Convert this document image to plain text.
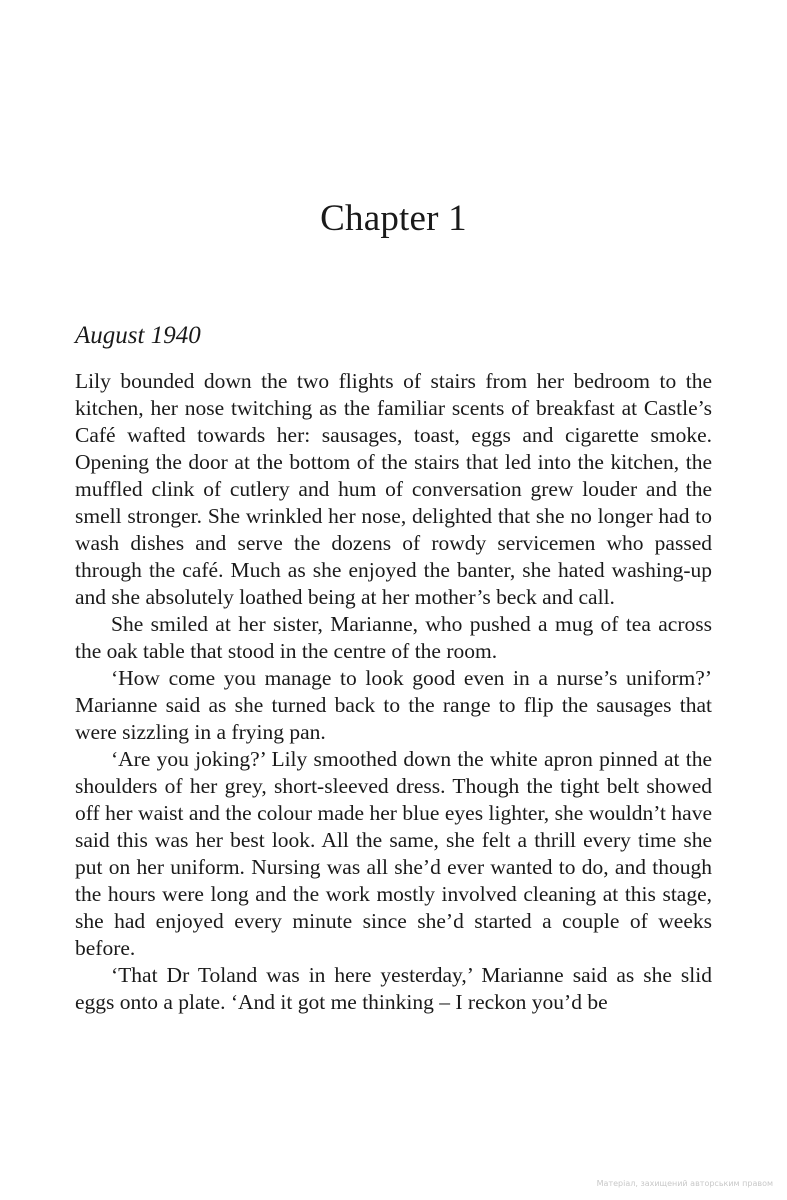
Chapter 1
August 1940

Lily bounded down the two flights of stairs from her bedroom to the kitchen, her nose twitching as the familiar scents of breakfast at Castle’s Café wafted towards her: sausages, toast, eggs and cigarette smoke. Opening the door at the bottom of the stairs that led into the kitchen, the muffled clink of cutlery and hum of conversation grew louder and the smell stronger. She wrinkled her nose, delighted that she no longer had to wash dishes and serve the dozens of rowdy servicemen who passed through the café. Much as she enjoyed the banter, she hated washing-up and she absolutely loathed being at her mother’s beck and call.

She smiled at her sister, Marianne, who pushed a mug of tea across the oak table that stood in the centre of the room.

‘How come you manage to look good even in a nurse’s uniform?’ Marianne said as she turned back to the range to flip the sausages that were sizzling in a frying pan.

‘Are you joking?’ Lily smoothed down the white apron pinned at the shoulders of her grey, short-sleeved dress. Though the tight belt showed off her waist and the colour made her blue eyes lighter, she wouldn’t have said this was her best look. All the same, she felt a thrill every time she put on her uniform. Nursing was all she’d ever wanted to do, and though the hours were long and the work mostly involved cleaning at this stage, she had enjoyed every minute since she’d started a couple of weeks before.

‘That Dr Toland was in here yesterday,’ Marianne said as she slid eggs onto a plate. ‘And it got me thinking – I reckon you’d be

Матеріал, захищений авторським правом
